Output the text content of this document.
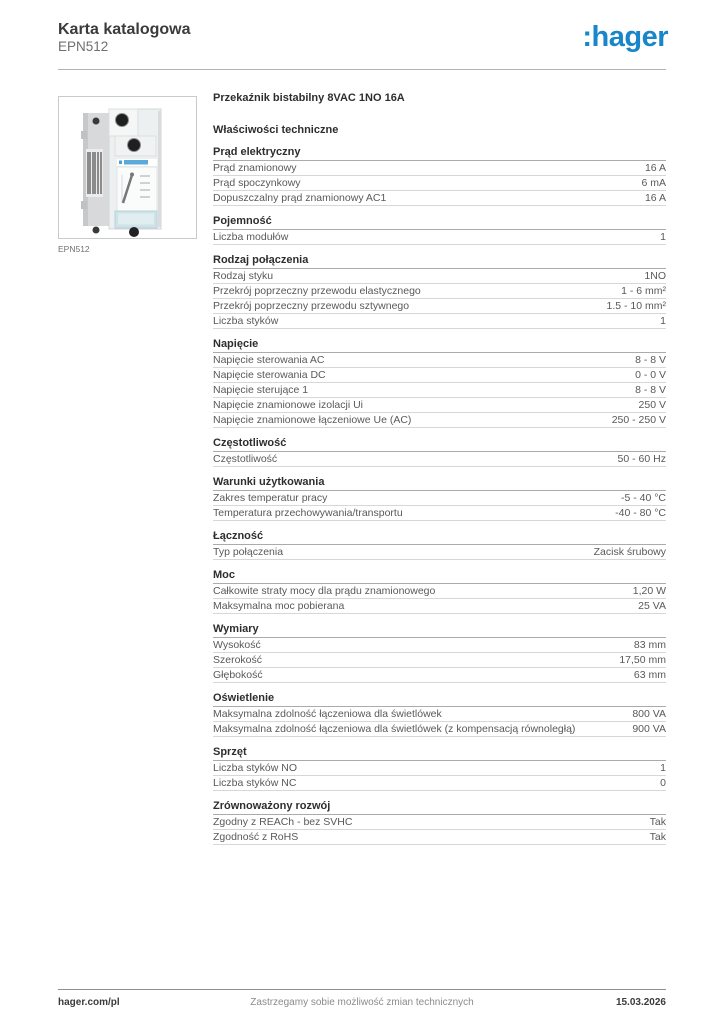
Karta katalogowa
EPN512	:hager
EPN512
Przekaźnik bistabilny 8VAC 1NO 16A
Właściwości techniczne
Prąd elektryczny
Prąd znamionowy	16 A
Prąd spoczynkowy	6 mA
Dopuszczalny prąd znamionowy AC1	16 A
Pojemność
Liczba modułów	1
Rodzaj połączenia
Rodzaj styku	1NO
Przekrój poprzeczny przewodu elastycznego	1 - 6 mm²
Przekrój poprzeczny przewodu sztywnego	1.5 - 10 mm²
Liczba styków	1
Napięcie
Napięcie sterowania AC	8 - 8 V
Napięcie sterowania DC	0 - 0 V
Napięcie sterujące 1	8 - 8 V
Napięcie znamionowe izolacji Ui	250 V
Napięcie znamionowe łączeniowe Ue (AC)	250 - 250 V
Częstotliwość
Częstotliwość	50 - 60 Hz
Warunki użytkowania
Zakres temperatur pracy	-5 - 40 °C
Temperatura przechowywania/transportu	-40 - 80 °C
Łączność
Typ połączenia	Zacisk śrubowy
Moc
Całkowite straty mocy dla prądu znamionowego	1,20 W
Maksymalna moc pobierana	25 VA
Wymiary
Wysokość	83 mm
Szerokość	17,50 mm
Głębokość	63 mm
Oświetlenie
Maksymalna zdolność łączeniowa dla świetlówek	800 VA
Maksymalna zdolność łączeniowa dla świetlówek (z kompensacją równoległą)	900 VA
Sprzęt
Liczba styków NO	1
Liczba styków NC	0
Zrównoważony rozwój
Zgodny z REACh - bez SVHC	Tak
Zgodność z RoHS	Tak
hager.com/pl	Zastrzegamy sobie możliwość zmian technicznych	15.03.2026
